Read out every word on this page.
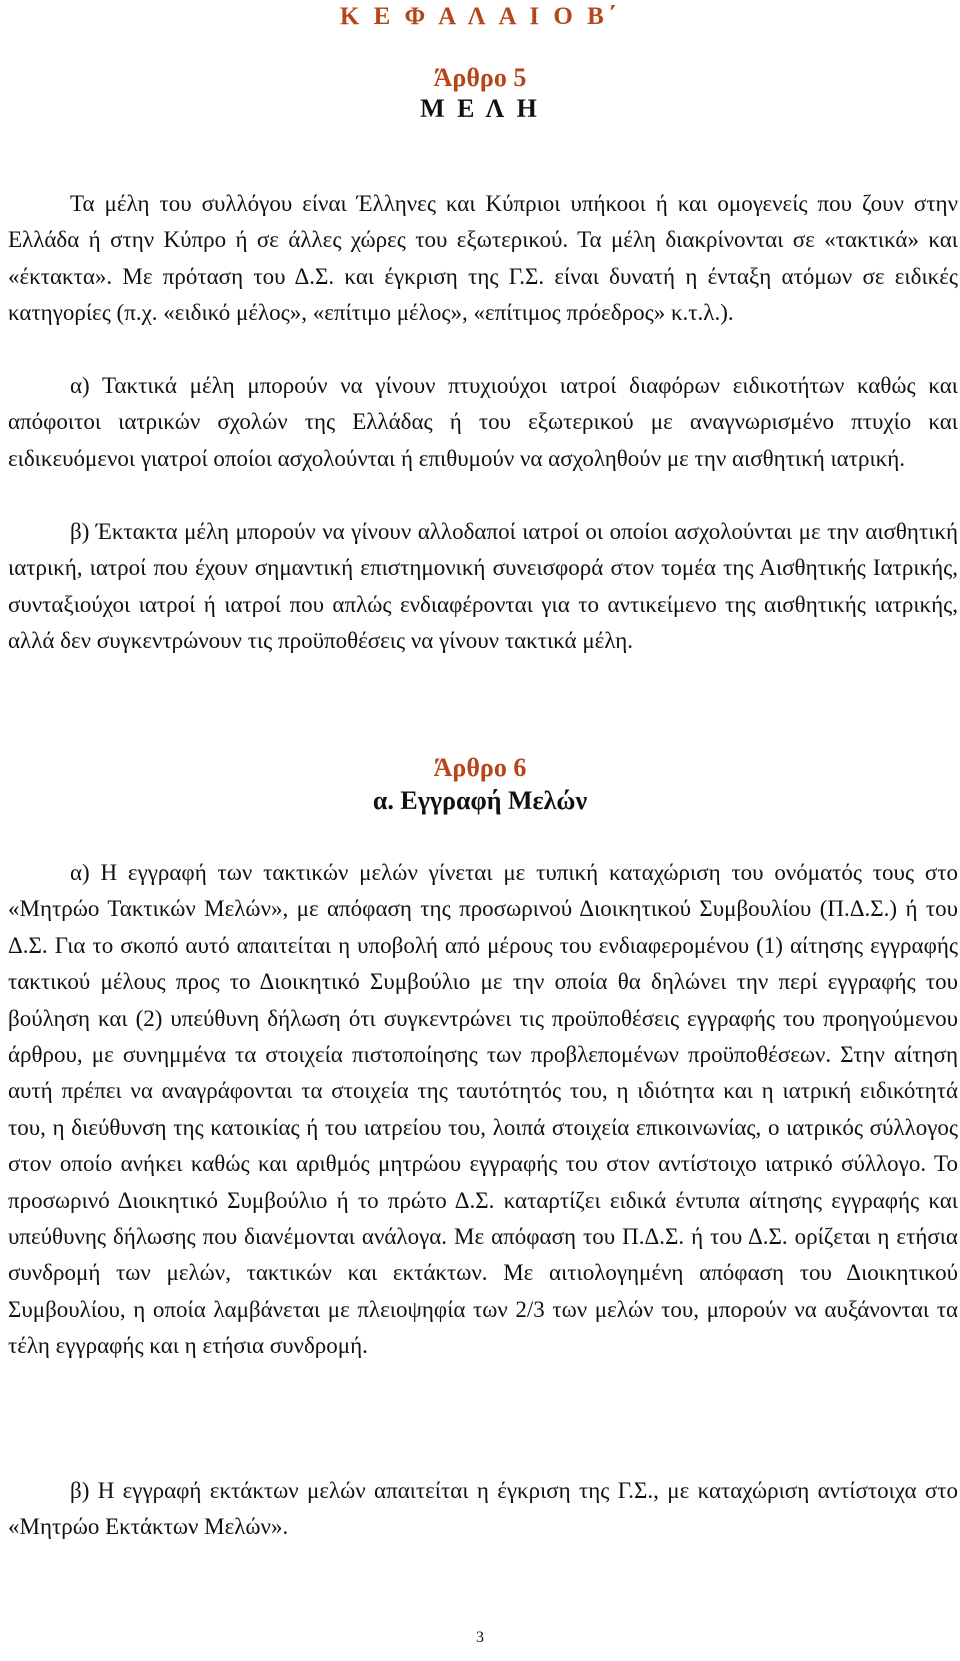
Κ Ε Φ Α Λ Α Ι Ο Β΄
Άρθρο 5
Μ Ε Λ Η

Τα μέλη του συλλόγου είναι Έλληνες και Κύπριοι υπήκοοι ή και ομογενείς που ζουν στην Ελλάδα ή στην Κύπρο ή σε άλλες χώρες του εξωτερικού. Τα μέλη διακρίνονται σε «τακτικά» και «έκτακτα». Με πρόταση του Δ.Σ. και έγκριση της Γ.Σ. είναι δυνατή η ένταξη ατόμων σε ειδικές κατηγορίες (π.χ. «ειδικό μέλος», «επίτιμο μέλος», «επίτιμος πρόεδρος» κ.τ.λ.).

α) Τακτικά μέλη μπορούν να γίνουν πτυχιούχοι ιατροί διαφόρων ειδικοτήτων καθώς και απόφοιτοι ιατρικών σχολών της Ελλάδας ή του εξωτερικού με αναγνωρισμένο πτυχίο και ειδικευόμενοι γιατροί οποίοι ασχολούνται ή επιθυμούν να ασχοληθούν με την αισθητική ιατρική.

β) Έκτακτα μέλη μπορούν να γίνουν αλλοδαποί ιατροί οι οποίοι ασχολούνται με την αισθητική ιατρική, ιατροί που έχουν σημαντική επιστημονική συνεισφορά στον τομέα της Αισθητικής Ιατρικής, συνταξιούχοι ιατροί ή ιατροί που απλώς ενδιαφέρονται για το αντικείμενο της αισθητικής ιατρικής, αλλά δεν συγκεντρώνουν τις προϋποθέσεις να γίνουν τακτικά μέλη.

Άρθρο 6
α. Εγγραφή Μελών

α) Η εγγραφή των τακτικών μελών γίνεται με τυπική καταχώριση του ονόματός τους στο «Μητρώο Τακτικών Μελών», με απόφαση της προσωρινού Διοικητικού Συμβουλίου (Π.Δ.Σ.) ή του Δ.Σ. Για το σκοπό αυτό απαιτείται η υποβολή από μέρους του ενδιαφερομένου (1) αίτησης εγγραφής τακτικού μέλους προς το Διοικητικό Συμβούλιο με την οποία θα δηλώνει την περί εγγραφής του βούληση και (2) υπεύθυνη δήλωση ότι συγκεντρώνει τις προϋποθέσεις εγγραφής του προηγούμενου άρθρου, με συνημμένα τα στοιχεία πιστοποίησης των προβλεπομένων προϋποθέσεων. Στην αίτηση αυτή πρέπει να αναγράφονται τα στοιχεία της ταυτότητός του, η ιδιότητα και η ιατρική ειδικότητά του, η διεύθυνση της κατοικίας ή του ιατρείου του, λοιπά στοιχεία επικοινωνίας, ο ιατρικός σύλλογος στον οποίο ανήκει καθώς και αριθμός μητρώου εγγραφής του στον αντίστοιχο ιατρικό σύλλογο. Το προσωρινό Διοικητικό Συμβούλιο ή το πρώτο Δ.Σ. καταρτίζει ειδικά έντυπα αίτησης εγγραφής και υπεύθυνης δήλωσης που διανέμονται ανάλογα. Με απόφαση του Π.Δ.Σ. ή του Δ.Σ. ορίζεται η ετήσια συνδρομή των μελών, τακτικών και εκτάκτων. Με αιτιολογημένη απόφαση του Διοικητικού Συμβουλίου, η οποία λαμβάνεται με πλειοψηφία των 2/3 των μελών του, μπορούν να αυξάνονται τα τέλη εγγραφής και η ετήσια συνδρομή.

β) Η εγγραφή εκτάκτων μελών απαιτείται η έγκριση της Γ.Σ., με καταχώριση αντίστοιχα στο «Μητρώο Εκτάκτων Μελών».

3
